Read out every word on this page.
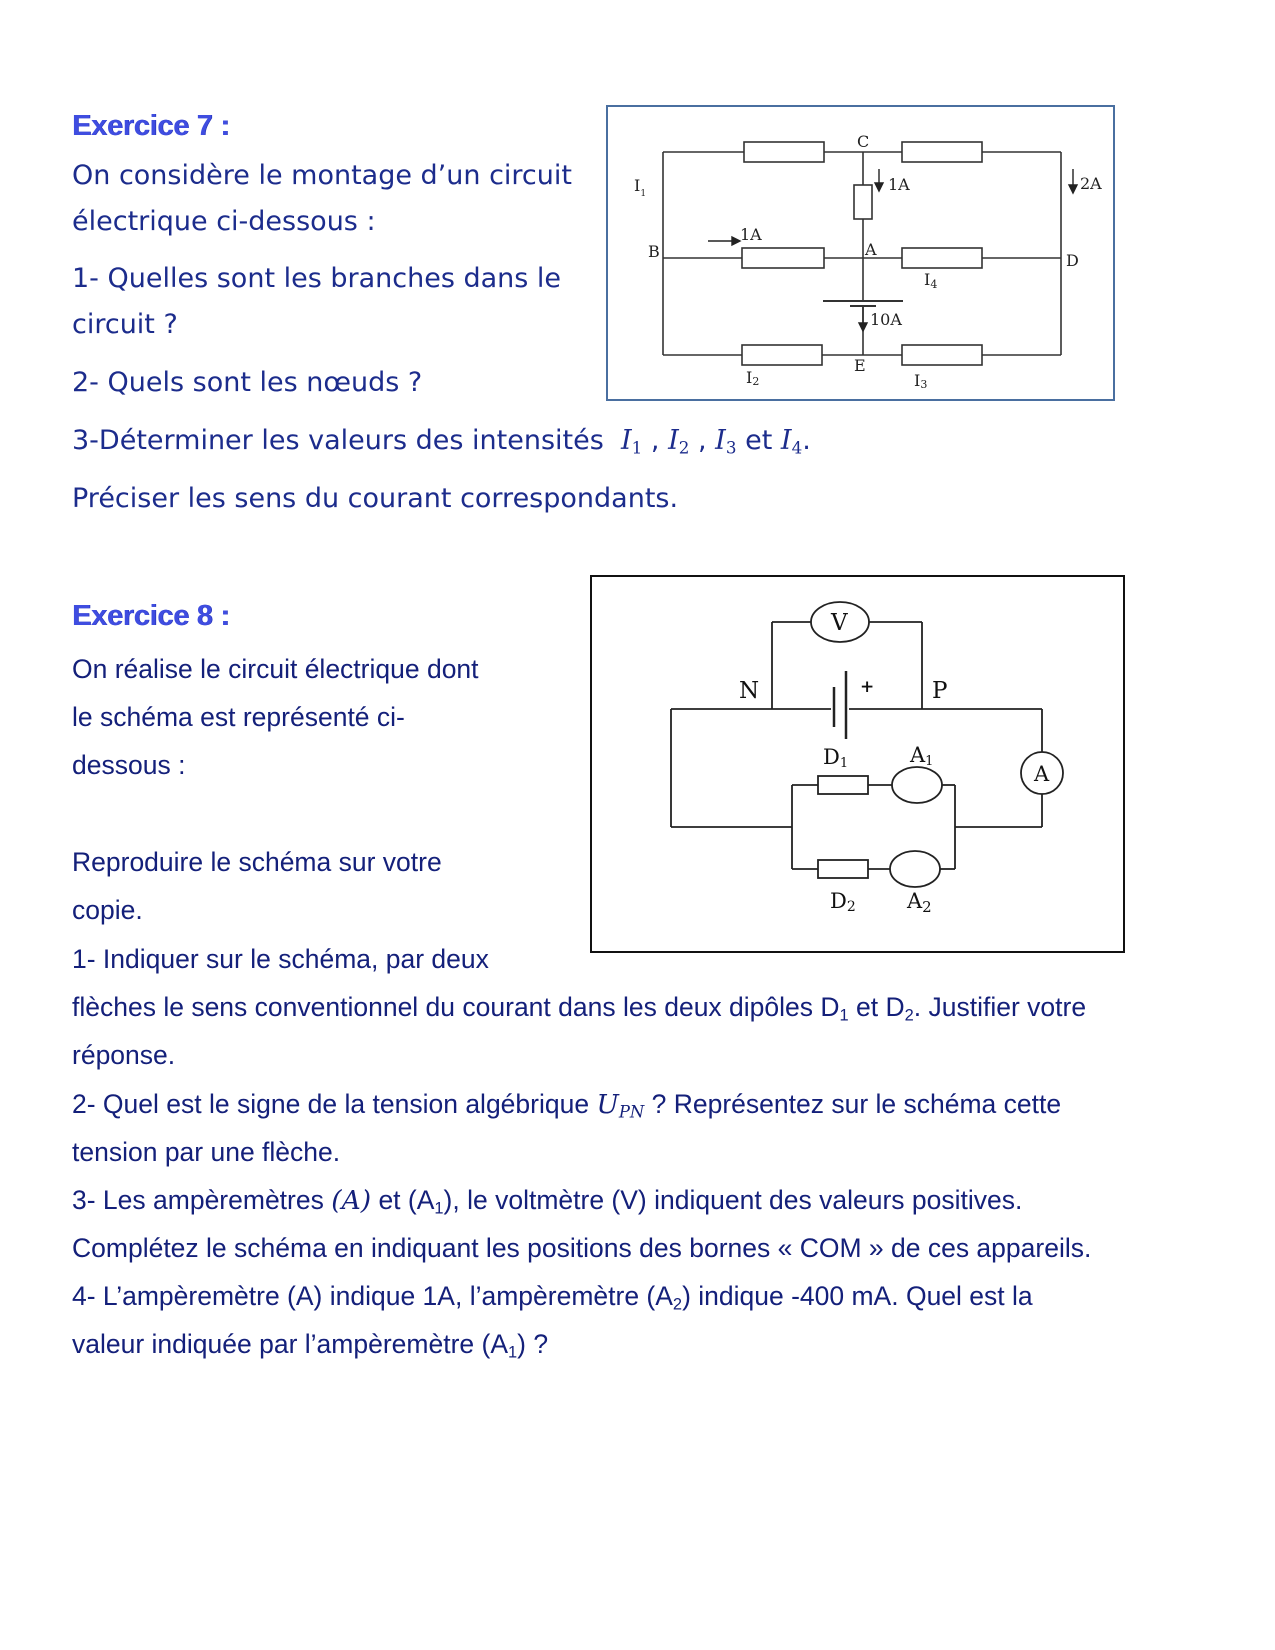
Exercice 7 :

On considère le montage d’un circuit

électrique ci-dessous :

1- Quelles sont les branches dans le

circuit ?

2- Quels sont les nœuds ?

3-Déterminer les valeurs des intensités $I_1$ , $I_2$ , $I_3$ et $I_4$.

Préciser les sens du courant correspondants.

C
B	A
D
E
1A
1A
2A
10A
$I_1$
I2	I3
I4
Exercice 8 :

On réalise le circuit électrique dont

le schéma est représenté ci-

dessous :

Reproduire le schéma sur votre

copie.

1- Indiquer sur le schéma, par deux

flèches le sens conventionnel du courant dans les deux dipôles $D_1$ et $D_2$. Justifier votre

réponse.

2- Quel est le signe de la tension algébrique UPN ? Représentez sur le schéma cette

tension par une flèche.

3- Les ampèremètres (A) et $(A_1)$, le voltmètre (V) indiquent des valeurs positives.

Complétez le schéma en indiquant les positions des bornes « COM » de ces appareils.

4- L’ampèremètre (A) indique 1A, l’ampèremètre $(A_2)$ indique -400 mA. Quel est la

valeur indiquée par l’ampèremètre $(A_1)$ ?

V
A
N	P
+
D1	A1
D2 A2
